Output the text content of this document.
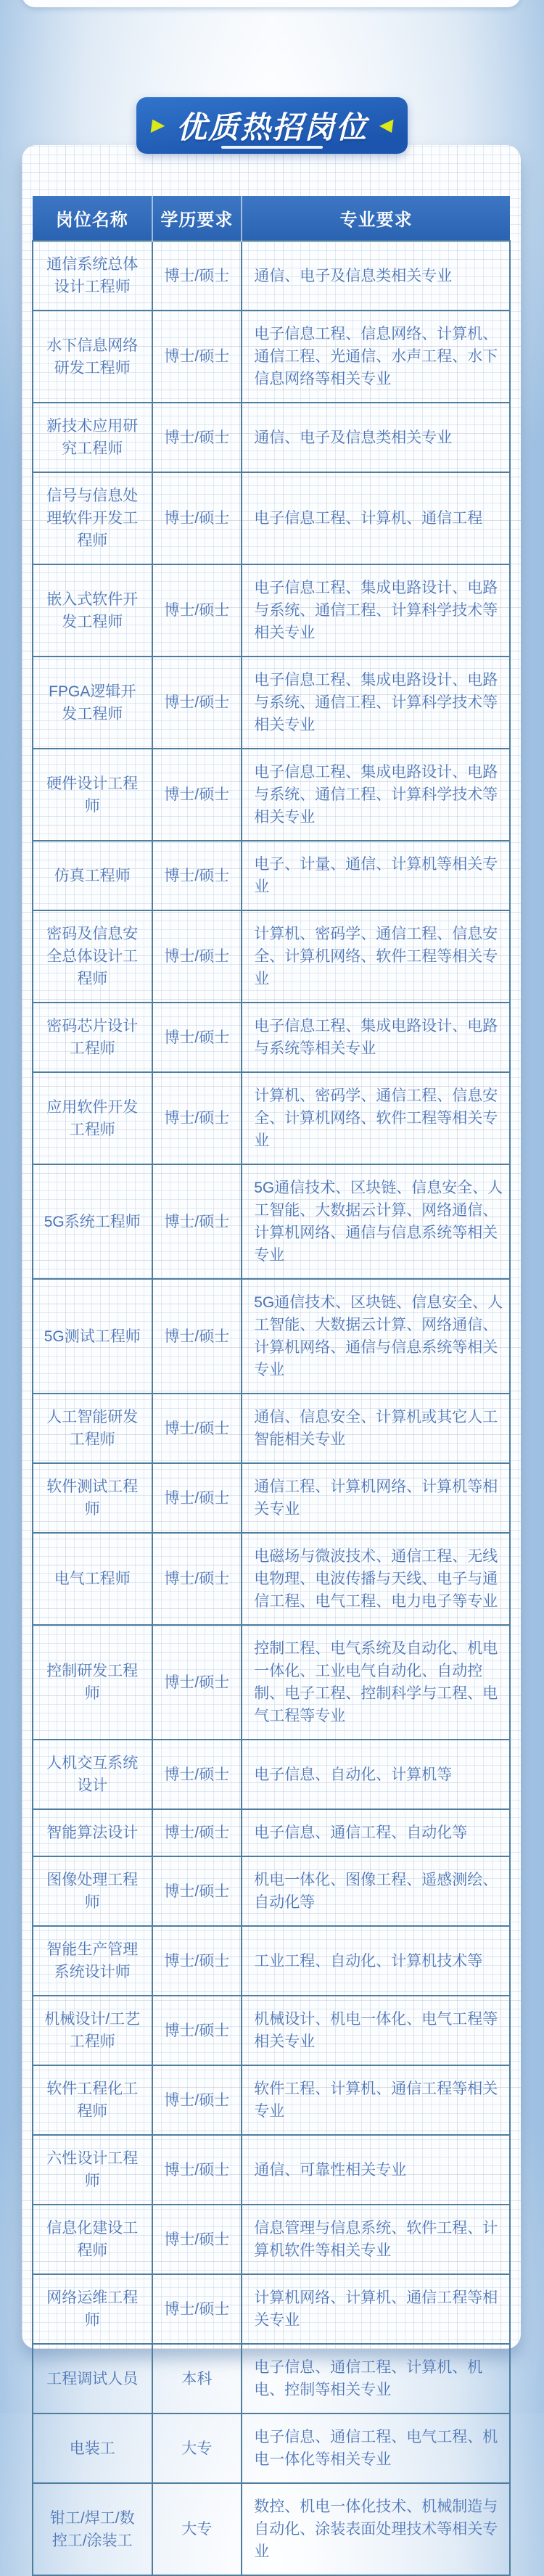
▶ 优质热招岗位 ◀
岗位名称	学历要求	专业要求
通信系统总体设计工程师	博士/硕士	通信、电子及信息类相关专业
水下信息网络研发工程师	博士/硕士	电子信息工程、信息网络、计算机、通信工程、光通信、水声工程、水下信息网络等相关专业
新技术应用研究工程师	博士/硕士	通信、电子及信息类相关专业
信号与信息处理软件开发工程师	博士/硕士	电子信息工程、计算机、通信工程
嵌入式软件开发工程师	博士/硕士	电子信息工程、集成电路设计、电路与系统、通信工程、计算科学技术等相关专业
FPGA逻辑开发工程师	博士/硕士	电子信息工程、集成电路设计、电路与系统、通信工程、计算科学技术等相关专业
硬件设计工程师	博士/硕士	电子信息工程、集成电路设计、电路与系统、通信工程、计算科学技术等相关专业
仿真工程师	博士/硕士	电子、计量、通信、计算机等相关专业
密码及信息安全总体设计工程师	博士/硕士	计算机、密码学、通信工程、信息安全、计算机网络、软件工程等相关专业
密码芯片设计工程师	博士/硕士	电子信息工程、集成电路设计、电路与系统等相关专业
应用软件开发工程师	博士/硕士	计算机、密码学、通信工程、信息安全、计算机网络、软件工程等相关专业
5G系统工程师	博士/硕士	5G通信技术、区块链、信息安全、人工智能、大数据云计算、网络通信、计算机网络、通信与信息系统等相关专业
5G测试工程师	博士/硕士	5G通信技术、区块链、信息安全、人工智能、大数据云计算、网络通信、计算机网络、通信与信息系统等相关专业
人工智能研发工程师	博士/硕士	通信、信息安全、计算机或其它人工智能相关专业
软件测试工程师	博士/硕士	通信工程、计算机网络、计算机等相关专业
电气工程师	博士/硕士	电磁场与微波技术、通信工程、无线电物理、电波传播与天线、电子与通信工程、电气工程、电力电子等专业
控制研发工程师	博士/硕士	控制工程、电气系统及自动化、机电一体化、工业电气自动化、自动控制、电子工程、控制科学与工程、电气工程等专业
人机交互系统设计	博士/硕士	电子信息、自动化、计算机等
智能算法设计	博士/硕士	电子信息、通信工程、自动化等
图像处理工程师	博士/硕士	机电一体化、图像工程、遥感测绘、自动化等
智能生产管理系统设计师	博士/硕士	工业工程、自动化、计算机技术等
机械设计/工艺工程师	博士/硕士	机械设计、机电一体化、电气工程等相关专业
软件工程化工程师	博士/硕士	软件工程、计算机、通信工程等相关专业
六性设计工程师	博士/硕士	通信、可靠性相关专业
信息化建设工程师	博士/硕士	信息管理与信息系统、软件工程、计算机软件等相关专业
网络运维工程师	博士/硕士	计算机网络、计算机、通信工程等相关专业
工程调试人员	本科	电子信息、通信工程、计算机、机电、控制等相关专业
电装工	大专	电子信息、通信工程、电气工程、机电一体化等相关专业
钳工/焊工/数控工/涂装工	大专	数控、机电一体化技术、机械制造与自动化、涂装表面处理技术等相关专业
